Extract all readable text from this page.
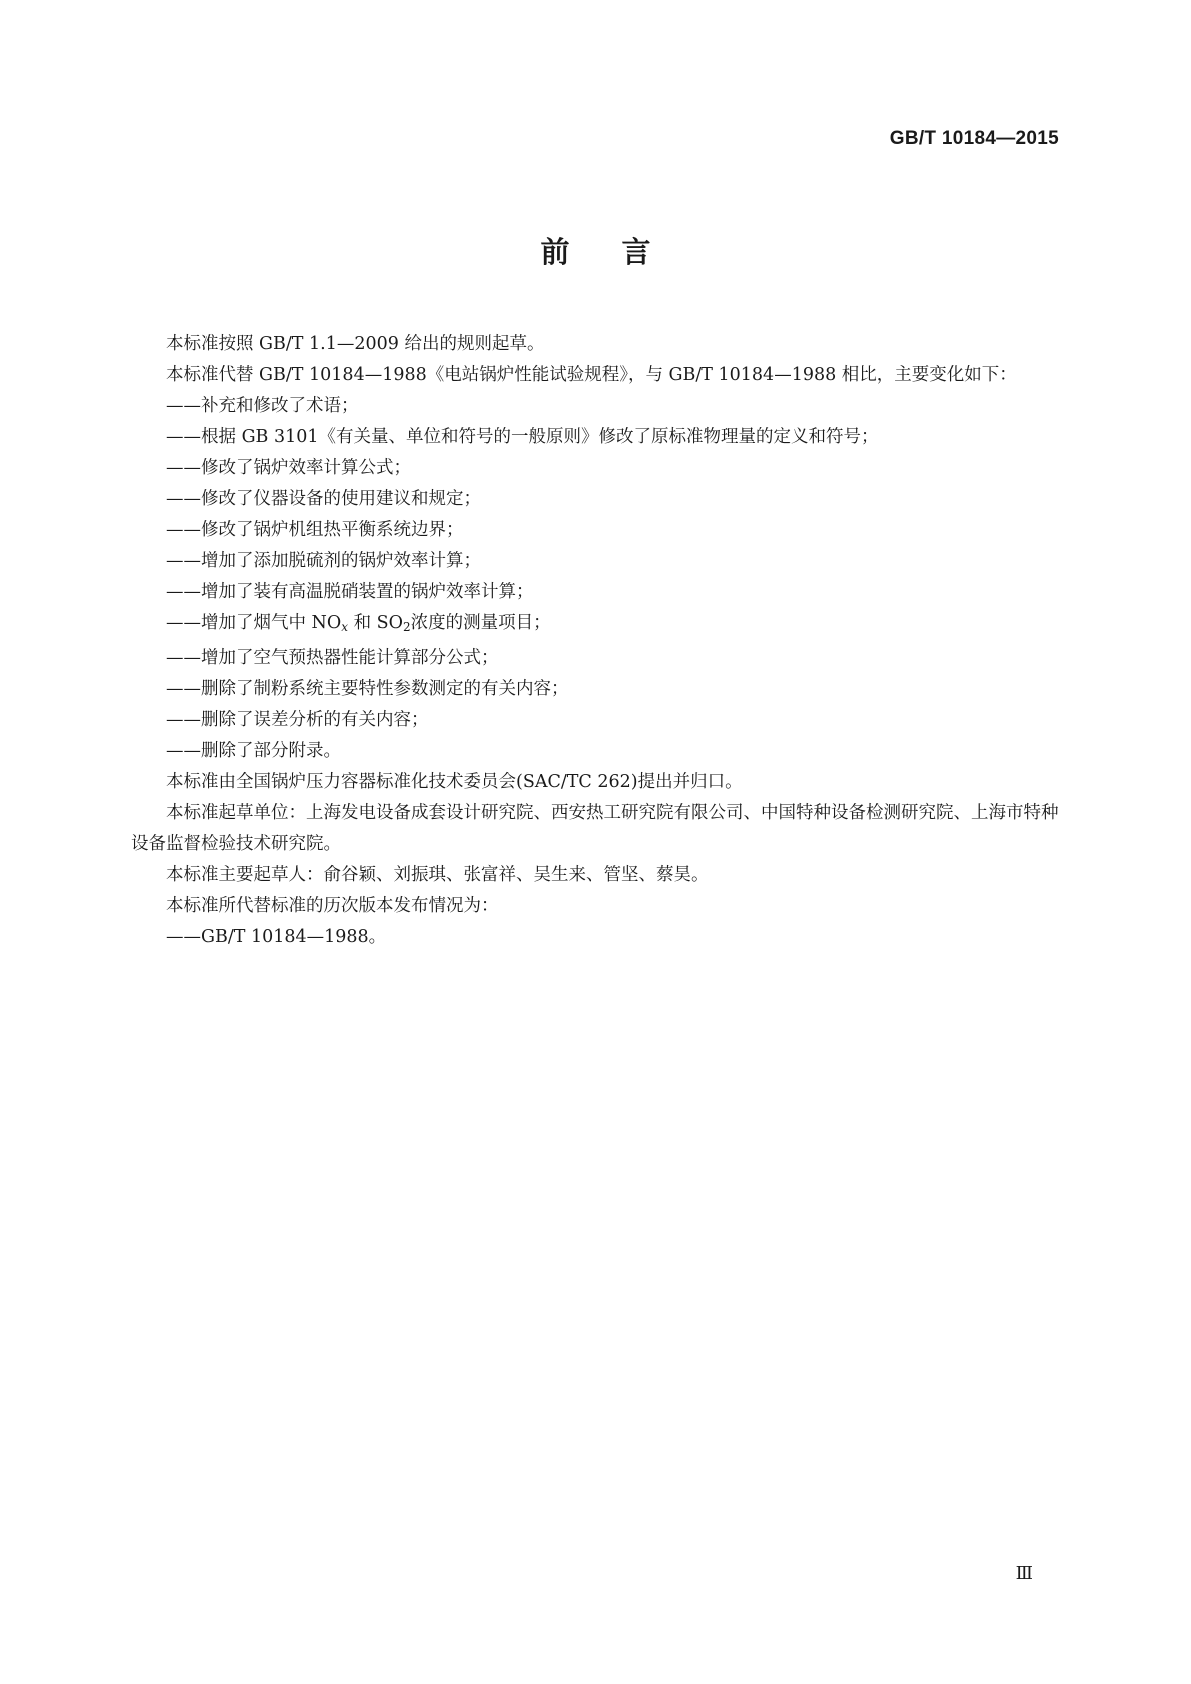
GB/T 10184—2015
前言

本标准按照 GB/T 1.1—2009 给出的规则起草。

本标准代替 GB/T 10184—1988《电站锅炉性能试验规程》，与 GB/T 10184—1988 相比，主要变化如下：

——补充和修改了术语；

——根据 GB 3101《有关量、单位和符号的一般原则》修改了原标准物理量的定义和符号；

——修改了锅炉效率计算公式；

——修改了仪器设备的使用建议和规定；

——修改了锅炉机组热平衡系统边界；

——增加了添加脱硫剂的锅炉效率计算；

——增加了装有高温脱硝装置的锅炉效率计算；

——增加了烟气中 $NO_x$ 和 $SO_2$浓度的测量项目；

——增加了空气预热器性能计算部分公式；

——删除了制粉系统主要特性参数测定的有关内容；

——删除了误差分析的有关内容；

——删除了部分附录。

本标准由全国锅炉压力容器标准化技术委员会(SAC/TC 262)提出并归口。

本标准起草单位：上海发电设备成套设计研究院、西安热工研究院有限公司、中国特种设备检测研究院、上海市特种设备监督检验技术研究院。

本标准主要起草人：俞谷颖、刘振琪、张富祥、吴生来、管坚、蔡昊。

本标准所代替标准的历次版本发布情况为：

——GB/T 10184—1988。

Ⅲ
